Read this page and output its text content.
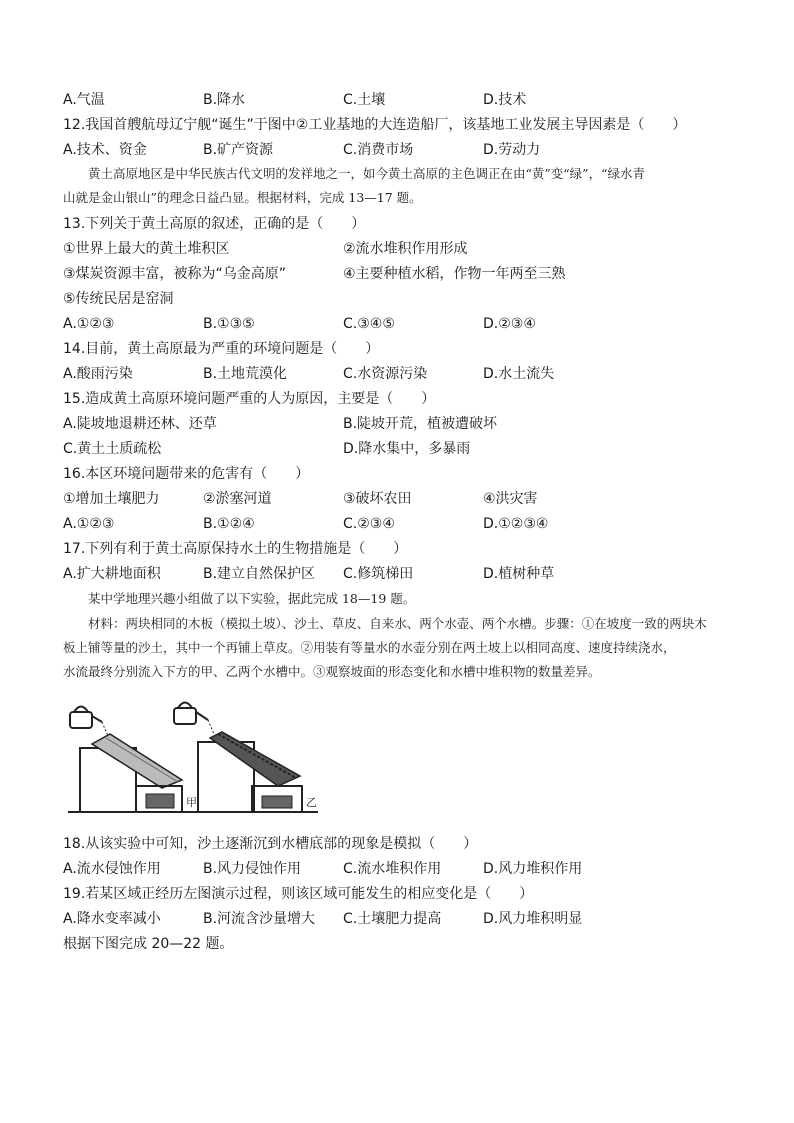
A.气温	B.降水	C.土壤	D.技术
12.我国首艘航母辽宁舰“诞生”于图中②工业基地的大连造船厂，该基地工业发展主导因素是（　　）
A.技术、资金	B.矿产资源	C.消费市场	D.劳动力
黄土高原地区是中华民族古代文明的发祥地之一，如今黄土高原的主色调正在由“黄”变“绿”，“绿水青
山就是金山银山”的理念日益凸显。根据材料，完成 13—17 题。
13.下列关于黄土高原的叙述，正确的是（　　）
①世界上最大的黄土堆积区	②流水堆积作用形成
③煤炭资源丰富，被称为“乌金高原”	④主要种植水稻，作物一年两至三熟
⑤传统民居是窑洞
A.①②③	B.①③⑤	C.③④⑤	D.②③④
14.目前，黄土高原最为严重的环境问题是（　　）
A.酸雨污染	B.土地荒漠化	C.水资源污染	D.水土流失
15.造成黄土高原环境问题严重的人为原因，主要是（　　）
A.陡坡地退耕还林、还草	B.陡坡开荒，植被遭破坏
C.黄土土质疏松	D.降水集中，多暴雨
16.本区环境问题带来的危害有（　　）
①增加土壤肥力	②淤塞河道	③破坏农田	④洪灾害
A.①②③	B.①②④	C.②③④	D.①②③④
17.下列有利于黄土高原保持水土的生物措施是（　　）
A.扩大耕地面积	B.建立自然保护区 C.修筑梯田	D.植树种草
某中学地理兴趣小组做了以下实验，据此完成 18—19 题。
材料：两块相同的木板（模拟土坡）、沙土、草皮、自来水、两个水壶、两个水槽。步骤：①在坡度一致的两块木
板上铺等量的沙土，其中一个再铺上草皮。②用装有等量水的水壶分别在两土坡上以相同高度、速度持续浇水，
水流最终分别流入下方的甲、乙两个水槽中。③观察坡面的形态变化和水槽中堆积物的数量差异。
甲	乙
18.从该实验中可知，沙土逐渐沉到水槽底部的现象是模拟（　　）
A.流水侵蚀作用	B.风力侵蚀作用	C.流水堆积作用	D.风力堆积作用
19.若某区域正经历左图演示过程，则该区域可能发生的相应变化是（　　）
A.降水变率减小	B.河流含沙量增大 C.土壤肥力提高	D.风力堆积明显
根据下图完成 20—22 题。
